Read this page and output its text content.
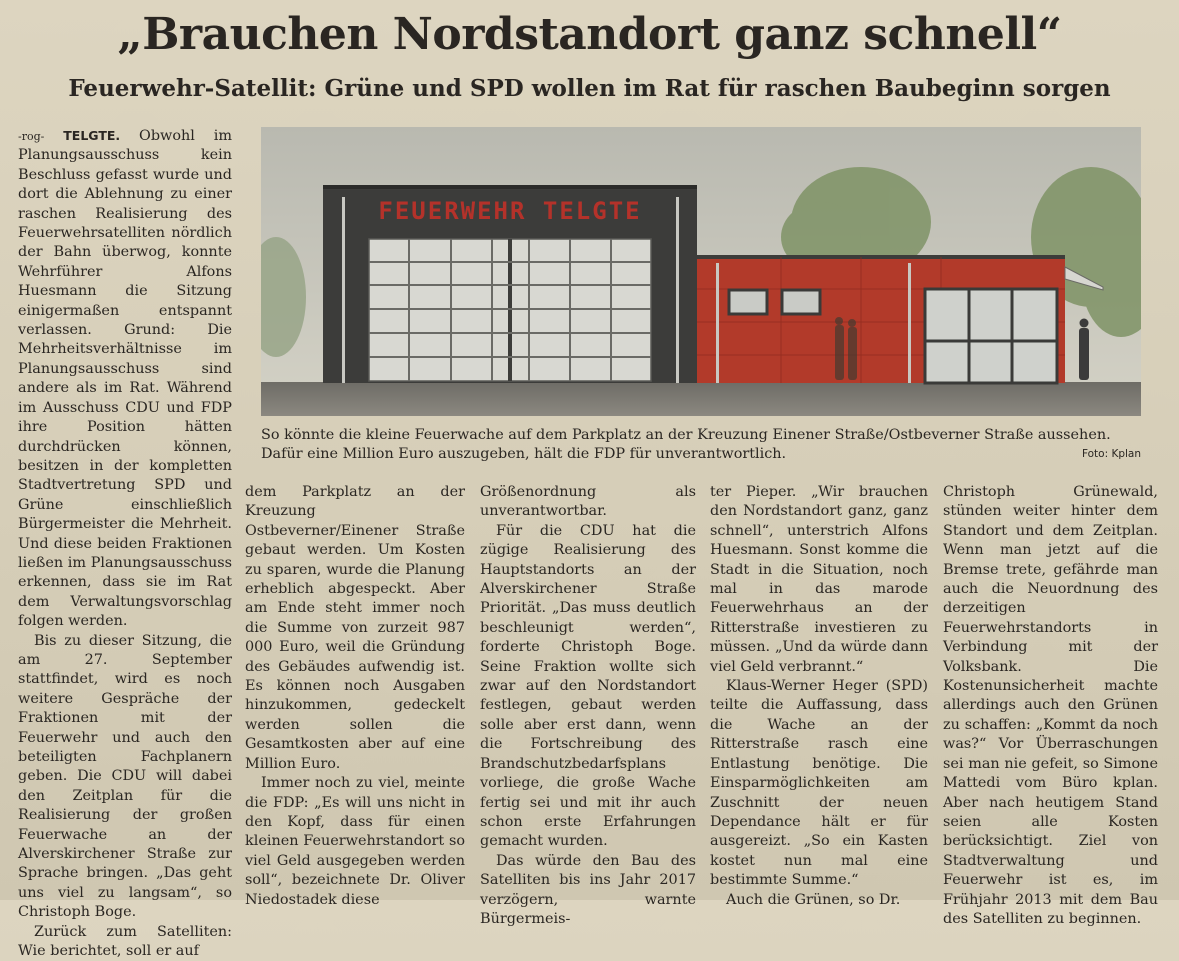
„Brauchen Nordstandort ganz schnell“
Feuerwehr-Satellit: Grüne und SPD wollen im Rat für raschen Baubeginn sorgen

-rog- TELGTE. Obwohl im Planungsausschuss kein Beschluss gefasst wurde und dort die Ablehnung zu einer raschen Realisierung des Feuerwehrsatelliten nördlich der Bahn überwog, konnte Wehrführer Alfons Huesmann die Sitzung einigermaßen entspannt verlassen. Grund: Die Mehrheitsverhältnisse im Planungsausschuss sind andere als im Rat. Während im Ausschuss CDU und FDP ihre Position hätten durchdrücken können, besitzen in der kompletten Stadtvertretung SPD und Grüne einschließlich Bürgermeister die Mehrheit. Und diese beiden Fraktionen ließen im Planungsausschuss erkennen, dass sie im Rat dem Verwaltungsvorschlag folgen werden.

Bis zu dieser Sitzung, die am 27. September stattfindet, wird es noch weitere Gespräche der Fraktionen mit der Feuerwehr und auch den beteiligten Fachplanern geben. Die CDU will dabei den Zeitplan für die Realisierung der großen Feuerwache an der Alverskirchener Straße zur Sprache bringen. „Das geht uns viel zu langsam“, so Christoph Boge.

Zurück zum Satelliten: Wie berichtet, soll er auf

FEUERWEHR TELGTE

So könnte die kleine Feuerwache auf dem Parkplatz an der Kreuzung Einener Straße/Ostbeverner Straße aussehen. Dafür eine Million Euro auszugeben, hält die FDP für unverantwortlich.	Foto: Kplan

dem Parkplatz an der Kreuzung Ostbeverner/Einener Straße gebaut werden. Um Kosten zu sparen, wurde die Planung erheblich abgespeckt. Aber am Ende steht immer noch die Summe von zurzeit 987 000 Euro, weil die Gründung des Gebäudes aufwendig ist. Es können noch Ausgaben hinzukommen, gedeckelt werden sollen die Gesamtkosten aber auf eine Million Euro.

Immer noch zu viel, meinte die FDP: „Es will uns nicht in den Kopf, dass für einen kleinen Feuerwehrstandort so viel Geld ausgegeben werden soll“, bezeichnete Dr. Oliver Niedostadek diese

Größenordnung als unverantwortbar.

Für die CDU hat die zügige Realisierung des Hauptstandorts an der Alverskirchener Straße Priorität. „Das muss deutlich beschleunigt werden“, forderte Christoph Boge. Seine Fraktion wollte sich zwar auf den Nordstandort festlegen, gebaut werden solle aber erst dann, wenn die Fortschreibung des Brandschutzbedarfsplans vorliege, die große Wache fertig sei und mit ihr auch schon erste Erfahrungen gemacht wurden.

Das würde den Bau des Satelliten bis ins Jahr 2017 verzögern, warnte Bürgermeis-

ter Pieper. „Wir brauchen den Nordstandort ganz, ganz schnell“, unterstrich Alfons Huesmann. Sonst komme die Stadt in die Situation, noch mal in das marode Feuerwehrhaus an der Ritterstraße investieren zu müssen. „Und da würde dann viel Geld verbrannt.“

Klaus-Werner Heger (SPD) teilte die Auffassung, dass die Wache an der Ritterstraße rasch eine Entlastung benötige. Die Einsparmöglichkeiten am Zuschnitt der neuen Dependance hält er für ausgereizt. „So ein Kasten kostet nun mal eine bestimmte Summe.“

Auch die Grünen, so Dr.

Christoph Grünewald, stünden weiter hinter dem Standort und dem Zeitplan. Wenn man jetzt auf die Bremse trete, gefährde man auch die Neuordnung des derzeitigen Feuerwehrstandorts in Verbindung mit der Volksbank. Die Kostenunsicherheit machte allerdings auch den Grünen zu schaffen: „Kommt da noch was?“ Vor Überraschungen sei man nie gefeit, so Simone Mattedi vom Büro kplan. Aber nach heutigem Stand seien alle Kosten berücksichtigt. Ziel von Stadtverwaltung und Feuerwehr ist es, im Frühjahr 2013 mit dem Bau des Satelliten zu beginnen.
